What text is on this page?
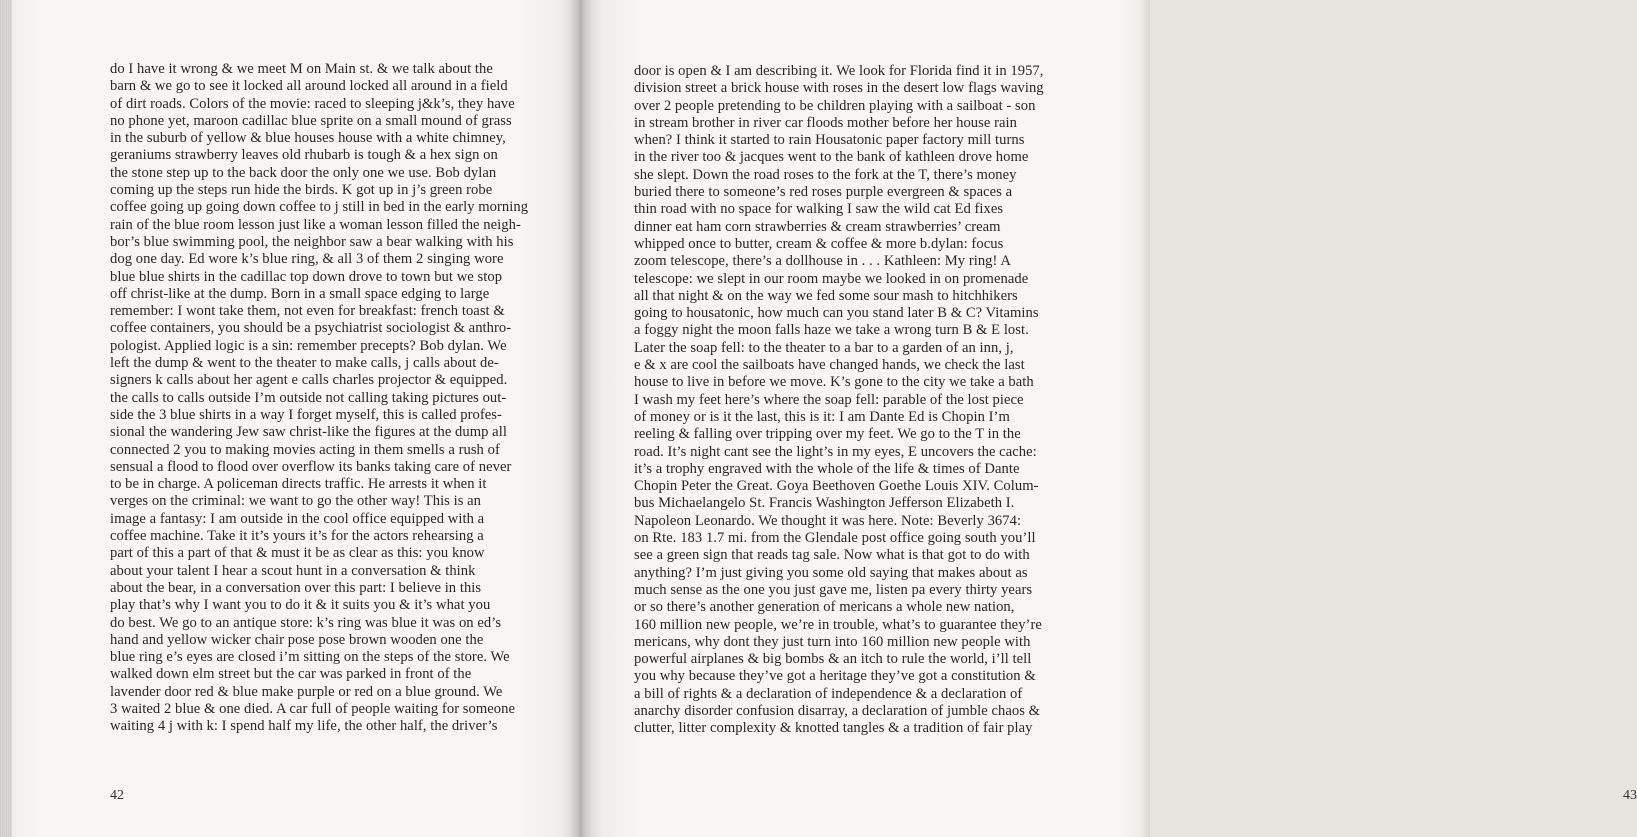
do I have it wrong & we meet M on Main st. & we talk about the
barn & we go to see it locked all around locked all around in a field
of dirt roads. Colors of the movie: raced to sleeping j&k’s, they have
no phone yet, maroon cadillac blue sprite on a small mound of grass
in the suburb of yellow & blue houses house with a white chimney,
geraniums strawberry leaves old rhubarb is tough & a hex sign on
the stone step up to the back door the only one we use. Bob dylan
coming up the steps run hide the birds. K got up in j’s green robe
coffee going up going down coffee to j still in bed in the early morning
rain of the blue room lesson just like a woman lesson filled the neigh-
bor’s blue swimming pool, the neighbor saw a bear walking with his
dog one day. Ed wore k’s blue ring, & all 3 of them 2 singing wore
blue blue shirts in the cadillac top down drove to town but we stop
off christ-like at the dump. Born in a small space edging to large
remember: I wont take them, not even for breakfast: french toast &
coffee containers, you should be a psychiatrist sociologist & anthro-
pologist. Applied logic is a sin: remember precepts? Bob dylan. We
left the dump & went to the theater to make calls, j calls about de-
signers k calls about her agent e calls charles projector & equipped.
the calls to calls outside I’m outside not calling taking pictures out-
side the 3 blue shirts in a way I forget myself, this is called profes-
sional the wandering Jew saw christ-like the figures at the dump all
connected 2 you to making movies acting in them smells a rush of
sensual a flood to flood over overflow its banks taking care of never
to be in charge. A policeman directs traffic. He arrests it when it
verges on the criminal: we want to go the other way! This is an
image a fantasy: I am outside in the cool office equipped with a
coffee machine. Take it it’s yours it’s for the actors rehearsing a
part of this a part of that & must it be as clear as this: you know
about your talent I hear a scout hunt in a conversation & think
about the bear, in a conversation over this part: I believe in this
play that’s why I want you to do it & it suits you & it’s what you
do best. We go to an antique store: k’s ring was blue it was on ed’s
hand and yellow wicker chair pose pose brown wooden one the
blue ring e’s eyes are closed i’m sitting on the steps of the store. We
walked down elm street but the car was parked in front of the
lavender door red & blue make purple or red on a blue ground. We
3 waited 2 blue & one died. A car full of people waiting for someone
waiting 4 j with k: I spend half my life, the other half, the driver’s
42	43
door is open & I am describing it. We look for Florida find it in 1957,
division street a brick house with roses in the desert low flags waving
over 2 people pretending to be children playing with a sailboat - son
in stream brother in river car floods mother before her house rain
when? I think it started to rain Housatonic paper factory mill turns
in the river too & jacques went to the bank of kathleen drove home
she slept. Down the road roses to the fork at the T, there’s money
buried there to someone’s red roses purple evergreen & spaces a
thin road with no space for walking I saw the wild cat Ed fixes
dinner eat ham corn strawberries & cream strawberries’ cream
whipped once to butter, cream & coffee & more b.dylan: focus
zoom telescope, there’s a dollhouse in . . . Kathleen: My ring! A
telescope: we slept in our room maybe we looked in on promenade
all that night & on the way we fed some sour mash to hitchhikers
going to housatonic, how much can you stand later B & C? Vitamins
a foggy night the moon falls haze we take a wrong turn B & E lost.
Later the soap fell: to the theater to a bar to a garden of an inn, j,
e & x are cool the sailboats have changed hands, we check the last
house to live in before we move. K’s gone to the city we take a bath
I wash my feet here’s where the soap fell: parable of the lost piece
of money or is it the last, this is it: I am Dante Ed is Chopin I’m
reeling & falling over tripping over my feet. We go to the T in the
road. It’s night cant see the light’s in my eyes, E uncovers the cache:
it’s a trophy engraved with the whole of the life & times of Dante
Chopin Peter the Great. Goya Beethoven Goethe Louis XIV. Colum-
bus Michaelangelo St. Francis Washington Jefferson Elizabeth I.
Napoleon Leonardo. We thought it was here. Note: Beverly 3674:
on Rte. 183 1.7 mi. from the Glendale post office going south you’ll
see a green sign that reads tag sale. Now what is that got to do with
anything? I’m just giving you some old saying that makes about as
much sense as the one you just gave me, listen pa every thirty years
or so there’s another generation of mericans a whole new nation,
160 million new people, we’re in trouble, what’s to guarantee they’re
mericans, why dont they just turn into 160 million new people with
powerful airplanes & big bombs & an itch to rule the world, i’ll tell
you why because they’ve got a heritage they’ve got a constitution &
a bill of rights & a declaration of independence & a declaration of
anarchy disorder confusion disarray, a declaration of jumble chaos &
clutter, litter complexity & knotted tangles & a tradition of fair play
